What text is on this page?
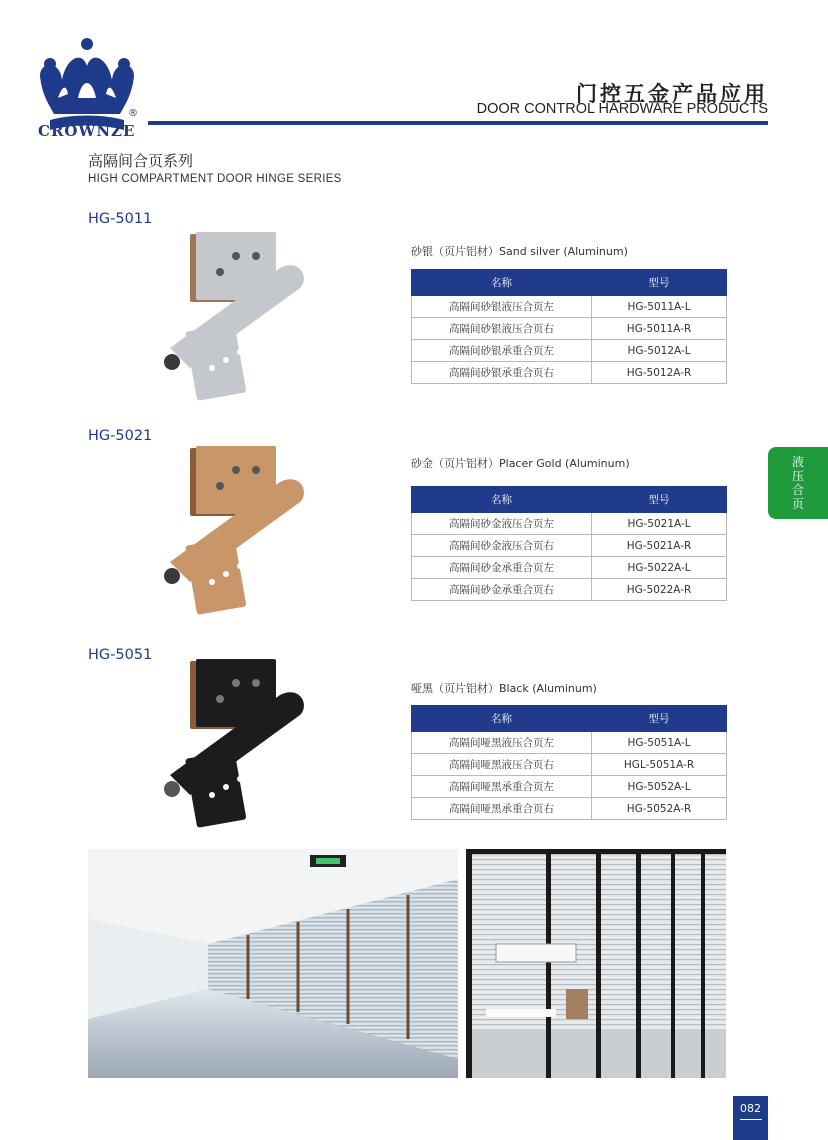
CROWNZE
®
门控五金产品应用
DOOR CONTROL HARDWARE PRODUCTS
高隔间合页系列
HIGH COMPARTMENT DOOR HINGE SERIES
HG-5011
砂银（页片铝材）Sand silver (Aluminum)
名称	型号
高隔间砂银液压合页左	HG-5011A-L
高隔间砂银液压合页右	HG-5011A-R
高隔间砂银承重合页左	HG-5012A-L
高隔间砂银承重合页右	HG-5012A-R
HG-5021
砂金（页片铝材）Placer Gold (Aluminum)
名称	型号
高隔间砂金液压合页左	HG-5021A-L
高隔间砂金液压合页右	HG-5021A-R
高隔间砂金承重合页左	HG-5022A-L
高隔间砂金承重合页右	HG-5022A-R
HG-5051
哑黑（页片铝材）Black (Aluminum)
名称	型号
高隔间哑黑液压合页左	HG-5051A-L
高隔间哑黑液压合页右	HGL-5051A-R
高隔间哑黑承重合页左	HG-5052A-L
高隔间哑黑承重合页右	HG-5052A-R
液
压
合
页
082
